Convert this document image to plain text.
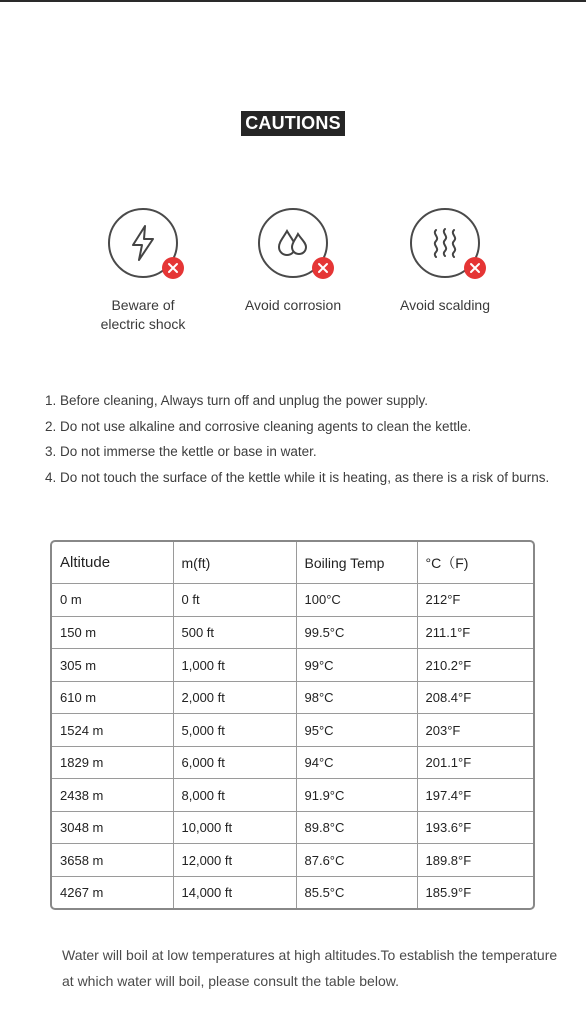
CAUTIONS
Beware of electric shock
Avoid corrosion	Avoid scalding
1. Before cleaning, Always turn off and unplug the power supply.
2. Do not use alkaline and corrosive cleaning agents to clean the kettle.
3. Do not immerse the kettle or base in water.
4. Do not touch the surface of the kettle while it is heating, as there is a risk of burns.
Altitude	m(ft)	Boiling Temp	°C（F)
0 m	0 ft	100°C	212°F
150 m	500 ft	99.5°C	211.1°F
305 m	1,000 ft	99°C	210.2°F
610 m	2,000 ft	98°C	208.4°F
1524 m	5,000 ft	95°C	203°F
1829 m	6,000 ft	94°C	201.1°F
2438 m	8,000 ft	91.9°C	197.4°F
3048 m	10,000 ft	89.8°C	193.6°F
3658 m	12,000 ft	87.6°C	189.8°F
4267 m	14,000 ft	85.5°C	185.9°F
Water will boil at low temperatures at high altitudes.To establish the temperature at which water will boil, please consult the table below.
